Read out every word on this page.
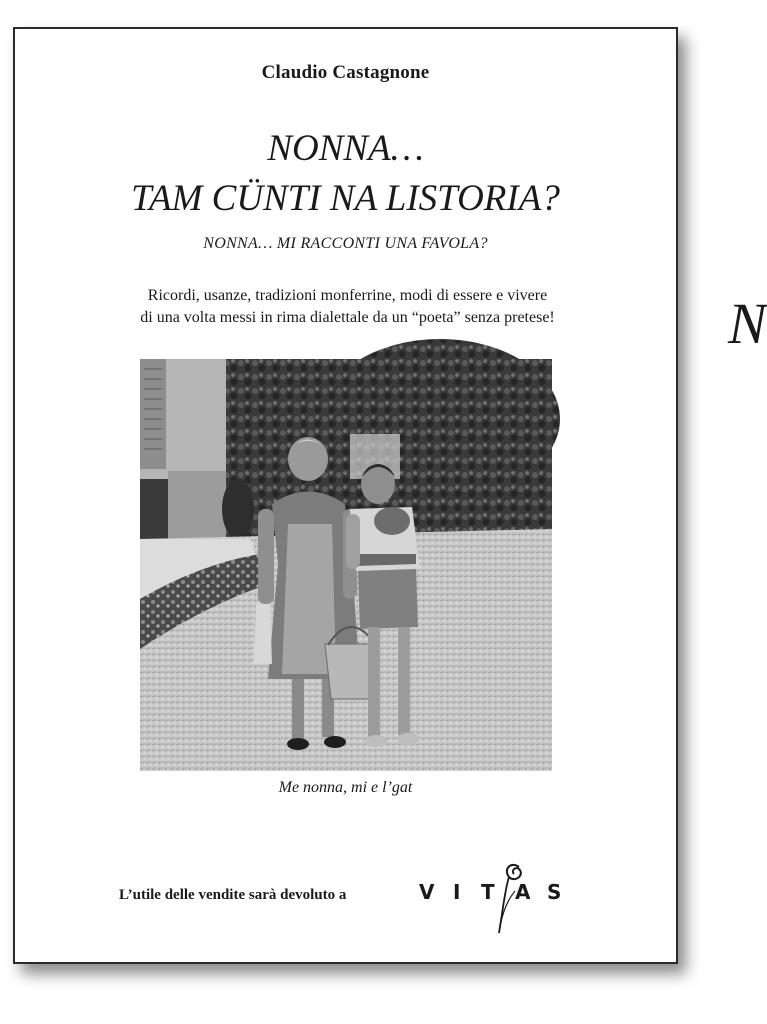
Claudio Castagnone
NONNA…
TAM CÜNTI NA LISTORIA?
NONNA… MI RACCONTI UNA FAVOLA?
Ricordi, usanze, tradizioni monferrine, modi di essere e vivere
di una volta messi in rima dialettale da un “poeta” senza pretese!
Me nonna, mi e l’gat
L’utile delle vendite sarà devoluto a	V I T A S
N
